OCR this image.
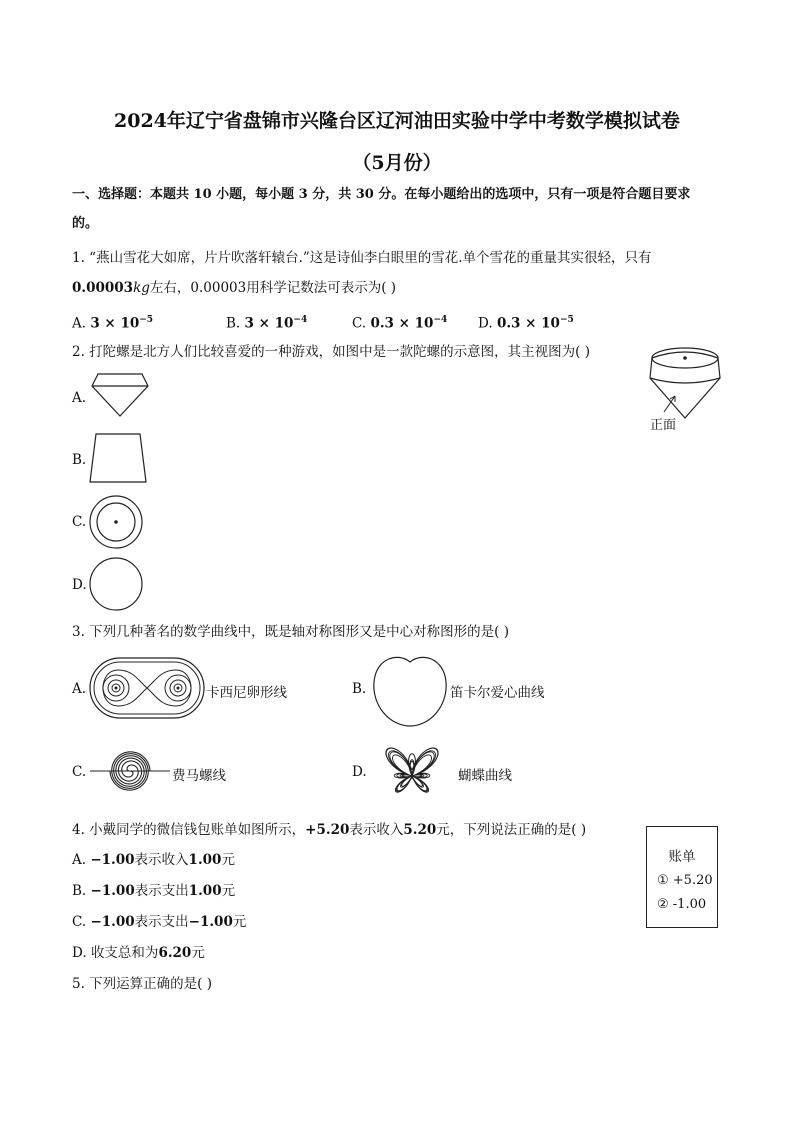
2024年辽宁省盘锦市兴隆台区辽河油田实验中学中考数学模拟试卷
（5月份）
一、选择题：本题共 10 小题，每小题 3 分，共 30 分。在每小题给出的选项中，只有一项是符合题目要求
的。
1. “燕山雪花大如席，片片吹落轩辕台.”这是诗仙李白眼里的雪花.单个雪花的重量其实很轻，只有
0.00003kg左右，0.00003用科学记数法可表示为( )
A. $3 \times 10^{-5}$	B. $3 \times 10^{-4}$	C. $0.3 \times 10^{-4}$ D. $0.3 \times 10^{-5}$
2. 打陀螺是北方人们比较喜爱的一种游戏，如图中是一款陀螺的示意图，其主视图为( )
正面
A.
B.
C.
D.
3. 下列几种著名的数学曲线中，既是轴对称图形又是中心对称图形的是( )
A.	卡西尼卵形线	B.	笛卡尔爱心曲线
C.	费马螺线	D.	蝴蝶曲线
4. 小戴同学的微信钱包账单如图所示，+5.20表示收入5.20元，下列说法正确的是( )
A. −1.00表示收入1.00元
B. −1.00表示支出1.00元
C. −1.00表示支出−1.00元
D. 收支总和为6.20元
账单
① +5.20
② -1.00
5. 下列运算正确的是( )
